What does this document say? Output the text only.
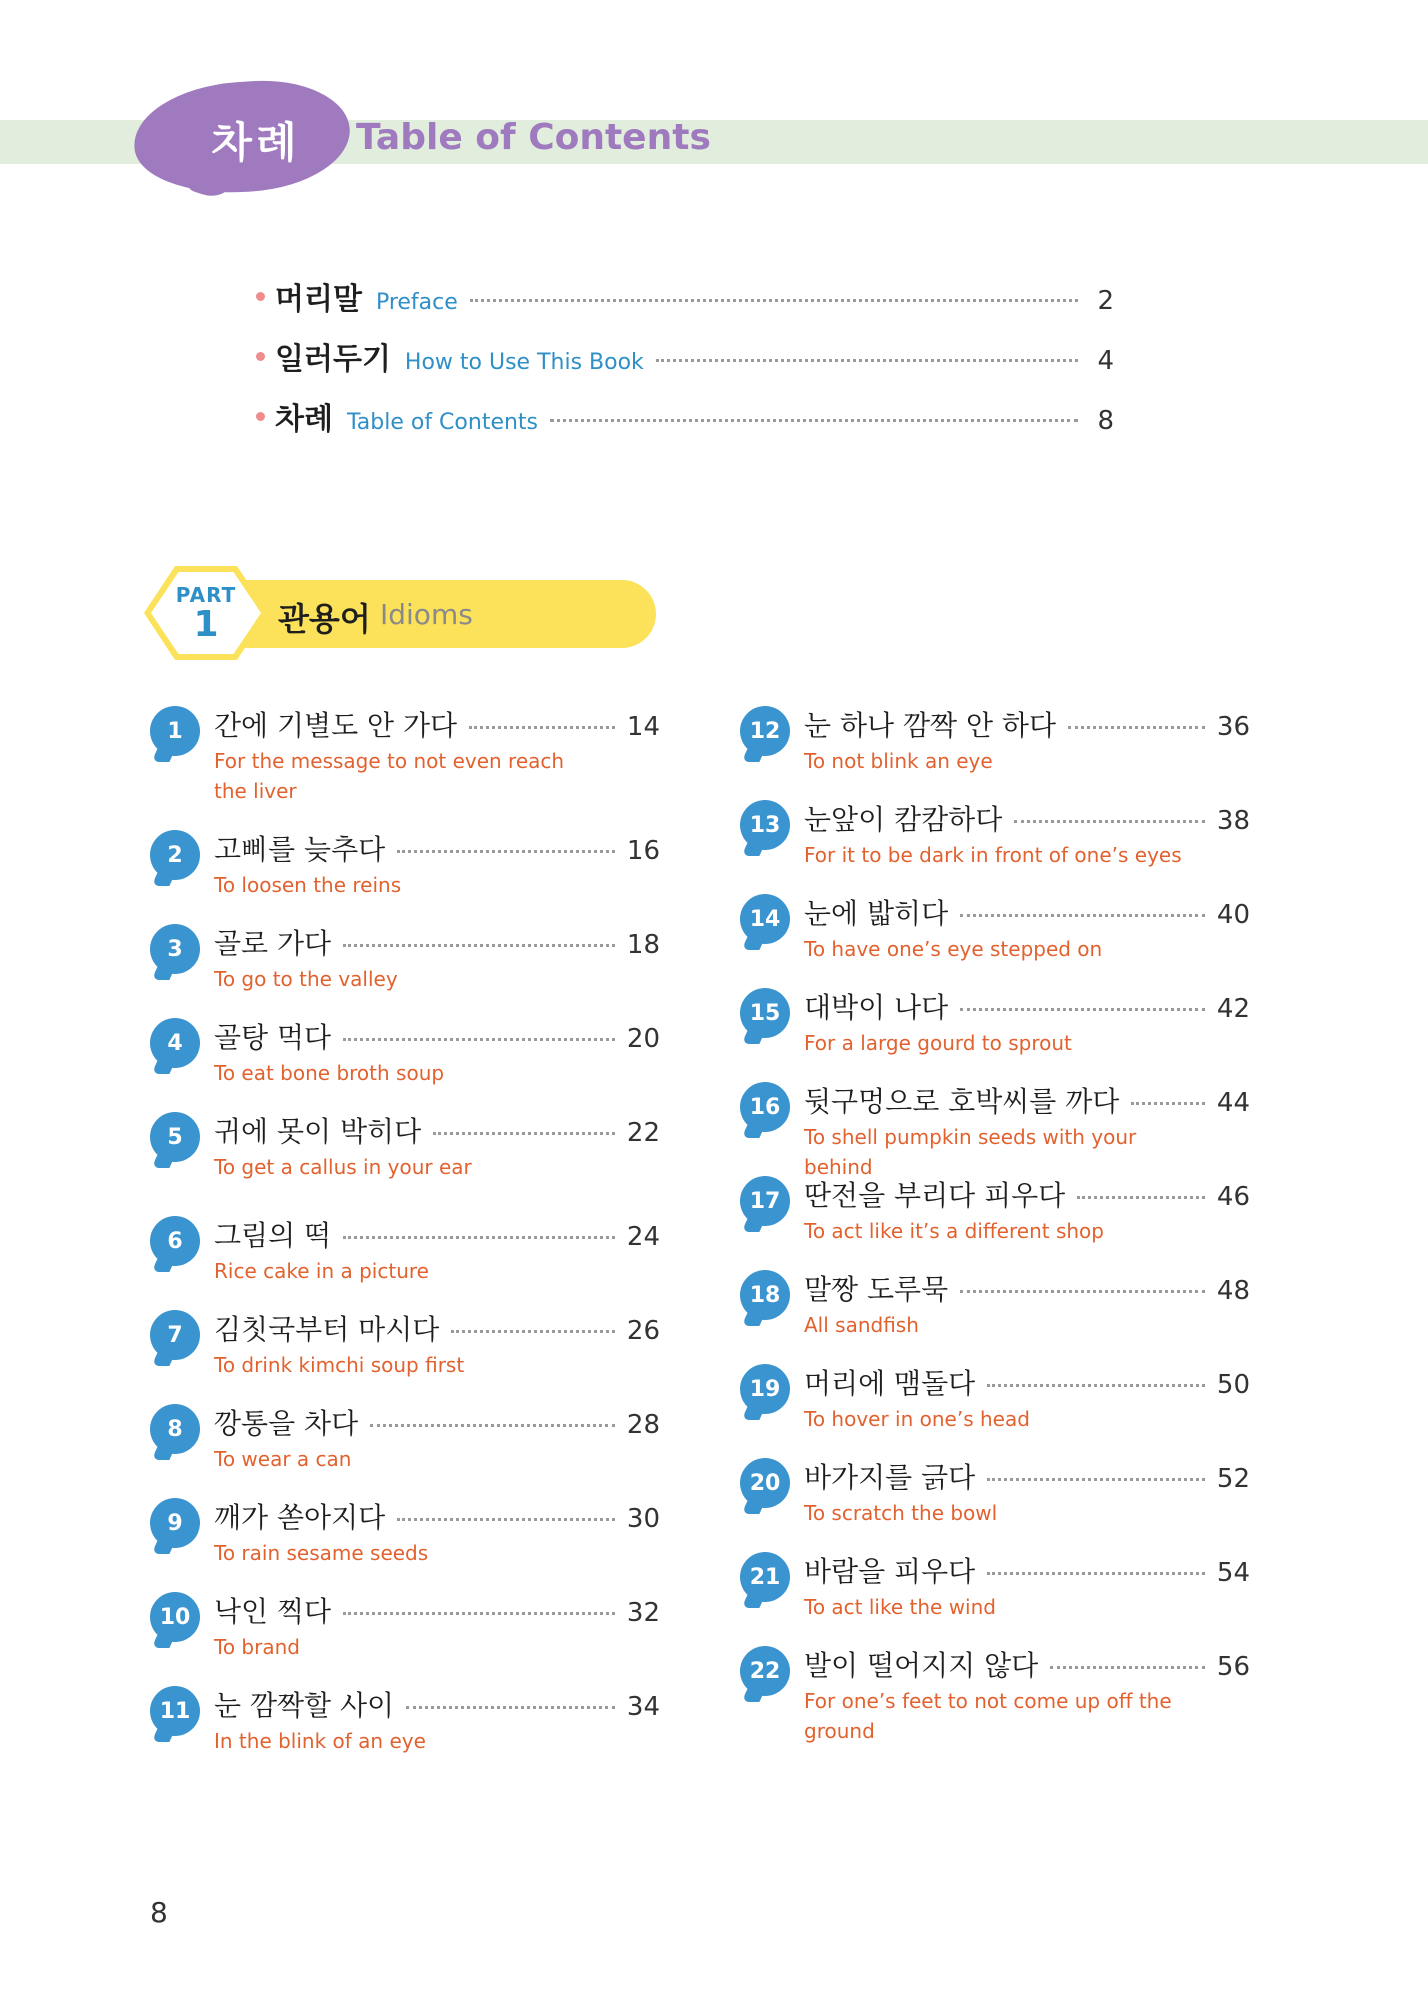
차례	Table of Contents
머리말 Preface	2
일러두기 How to Use This Book	4
차례 Table of Contents	8
PART
1	관용어 Idioms
1	간에 기별도 안 가다	14
For the message to not even reach the liver
2	고삐를 늦추다	16
To loosen the reins
3	골로 가다	18
To go to the valley
4	골탕 먹다	20
To eat bone broth soup
5	귀에 못이 박히다	22
To get a callus in your ear
6	그림의 떡	24
Rice cake in a picture
7	김칫국부터 마시다	26
To drink kimchi soup first
8	깡통을 차다	28
To wear a can
9	깨가 쏟아지다	30
To rain sesame seeds
10 낙인 찍다	32
To brand
11 눈 깜짝할 사이	34
In the blink of an eye
12 눈 하나 깜짝 안 하다	36
To not blink an eye
13 눈앞이 캄캄하다	38
For it to be dark in front of one’s eyes
14 눈에 밟히다	40
To have one’s eye stepped on
15 대박이 나다	42
For a large gourd to sprout
16 뒷구멍으로 호박씨를 까다	44
To shell pumpkin seeds with your behind
17 딴전을 부리다 피우다	46
To act like it’s a different shop
18 말짱 도루묵	48
All sandfish
19 머리에 맴돌다	50
To hover in one’s head
20 바가지를 긁다	52
To scratch the bowl
21 바람을 피우다	54
To act like the wind
22 발이 떨어지지 않다	56
For one’s feet to not come up off the ground
8
